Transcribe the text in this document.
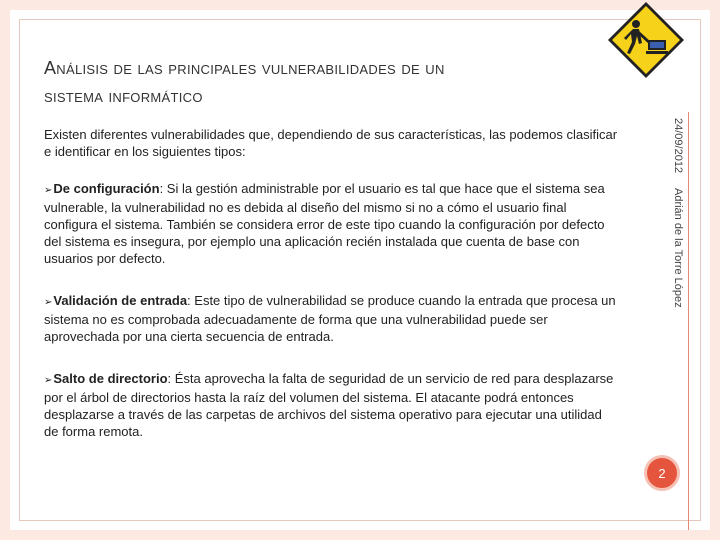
Análisis de las principales vulnerabilidades de un
sistema informático
24/09/2012
Adrián de la Torre López

Existen diferentes vulnerabilidades que, dependiendo de sus características, las podemos clasificar e identificar en los siguientes tipos:

➢De configuración: Si la gestión administrable por el usuario es tal que hace que el sistema sea vulnerable, la vulnerabilidad no es debida al diseño del mismo si no a cómo el usuario final configura el sistema. También se considera error de este tipo cuando la configuración por defecto del sistema es insegura, por ejemplo una aplicación recién instalada que cuenta de base con usuarios por defecto.

➢Validación de entrada: Este tipo de vulnerabilidad se produce cuando la entrada que procesa un sistema no es comprobada adecuadamente de forma que una vulnerabilidad puede ser aprovechada por una cierta secuencia de entrada.

➢Salto de directorio: Ésta aprovecha la falta de seguridad de un servicio de red para desplazarse por el árbol de directorios hasta la raíz del volumen del sistema. El atacante podrá entonces desplazarse a través de las carpetas de archivos del sistema operativo para ejecutar una utilidad de forma remota.

2
